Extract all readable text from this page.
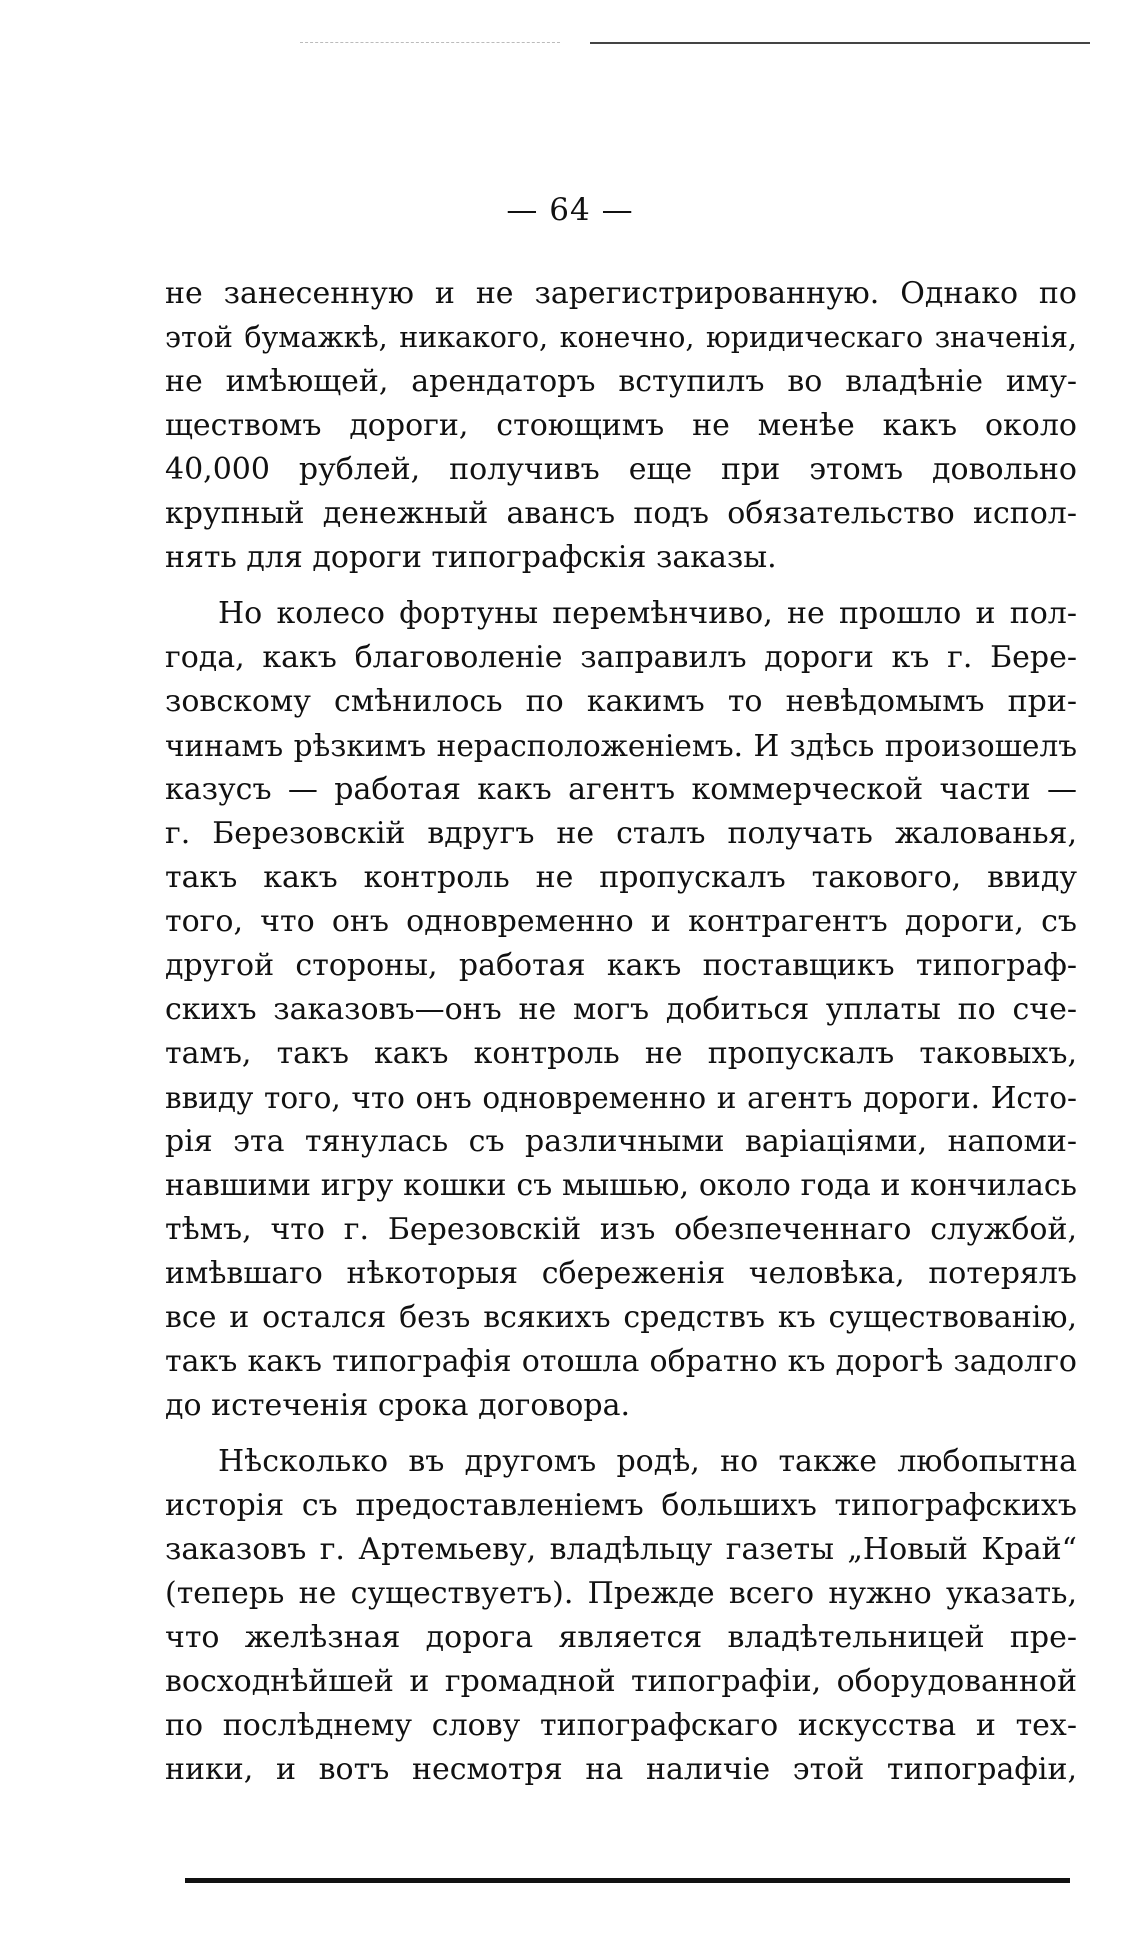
— 64 —
не занесенную и не зарегистрированную. Однако по
этой бумажкѣ, никакого, конечно, юридическаго значенія,
не имѣющей, арендаторъ вступилъ во владѣніе иму-
ществомъ дороги, стоющимъ не менѣе какъ около
40,000 рублей, получивъ еще при этомъ довольно
крупный денежный авансъ подъ обязательство испол-
нять для дороги типографскія заказы.
Но колесо фортуны перемѣнчиво, не прошло и пол-
года, какъ благоволеніе заправилъ дороги къ г. Бере-
зовскому смѣнилось по какимъ то невѣдомымъ при-
чинамъ рѣзкимъ нерасположеніемъ. И здѣсь произошелъ
казусъ — работая какъ агентъ коммерческой части —
г. Березовскій вдругъ не сталъ получать жалованья,
такъ какъ контроль не пропускалъ такового, ввиду
того, что онъ одновременно и контрагентъ дороги, съ
другой стороны, работая какъ поставщикъ типограф-
скихъ заказовъ—онъ не могъ добиться уплаты по сче-
тамъ, такъ какъ контроль не пропускалъ таковыхъ,
ввиду того, что онъ одновременно и агентъ дороги. Исто-
рія эта тянулась съ различными варіаціями, напоми-
навшими игру кошки съ мышью, около года и кончилась
тѣмъ, что г. Березовскій изъ обезпеченнаго службой,
имѣвшаго нѣкоторыя сбереженія человѣка, потерялъ
все и остался безъ всякихъ средствъ къ существованію,
такъ какъ типографія отошла обратно къ дорогѣ задолго
до истеченія срока договора.
Нѣсколько въ другомъ родѣ, но также любопытна
исторія съ предоставленіемъ большихъ типографскихъ
заказовъ г. Артемьеву, владѣльцу газеты „Новый Край“
(теперь не существуетъ). Прежде всего нужно указать,
что желѣзная дорога является владѣтельницей пре-
восходнѣйшей и громадной типографіи, оборудованной
по послѣднему слову типографскаго искусства и тех-
ники, и вотъ несмотря на наличіе этой типографіи,
